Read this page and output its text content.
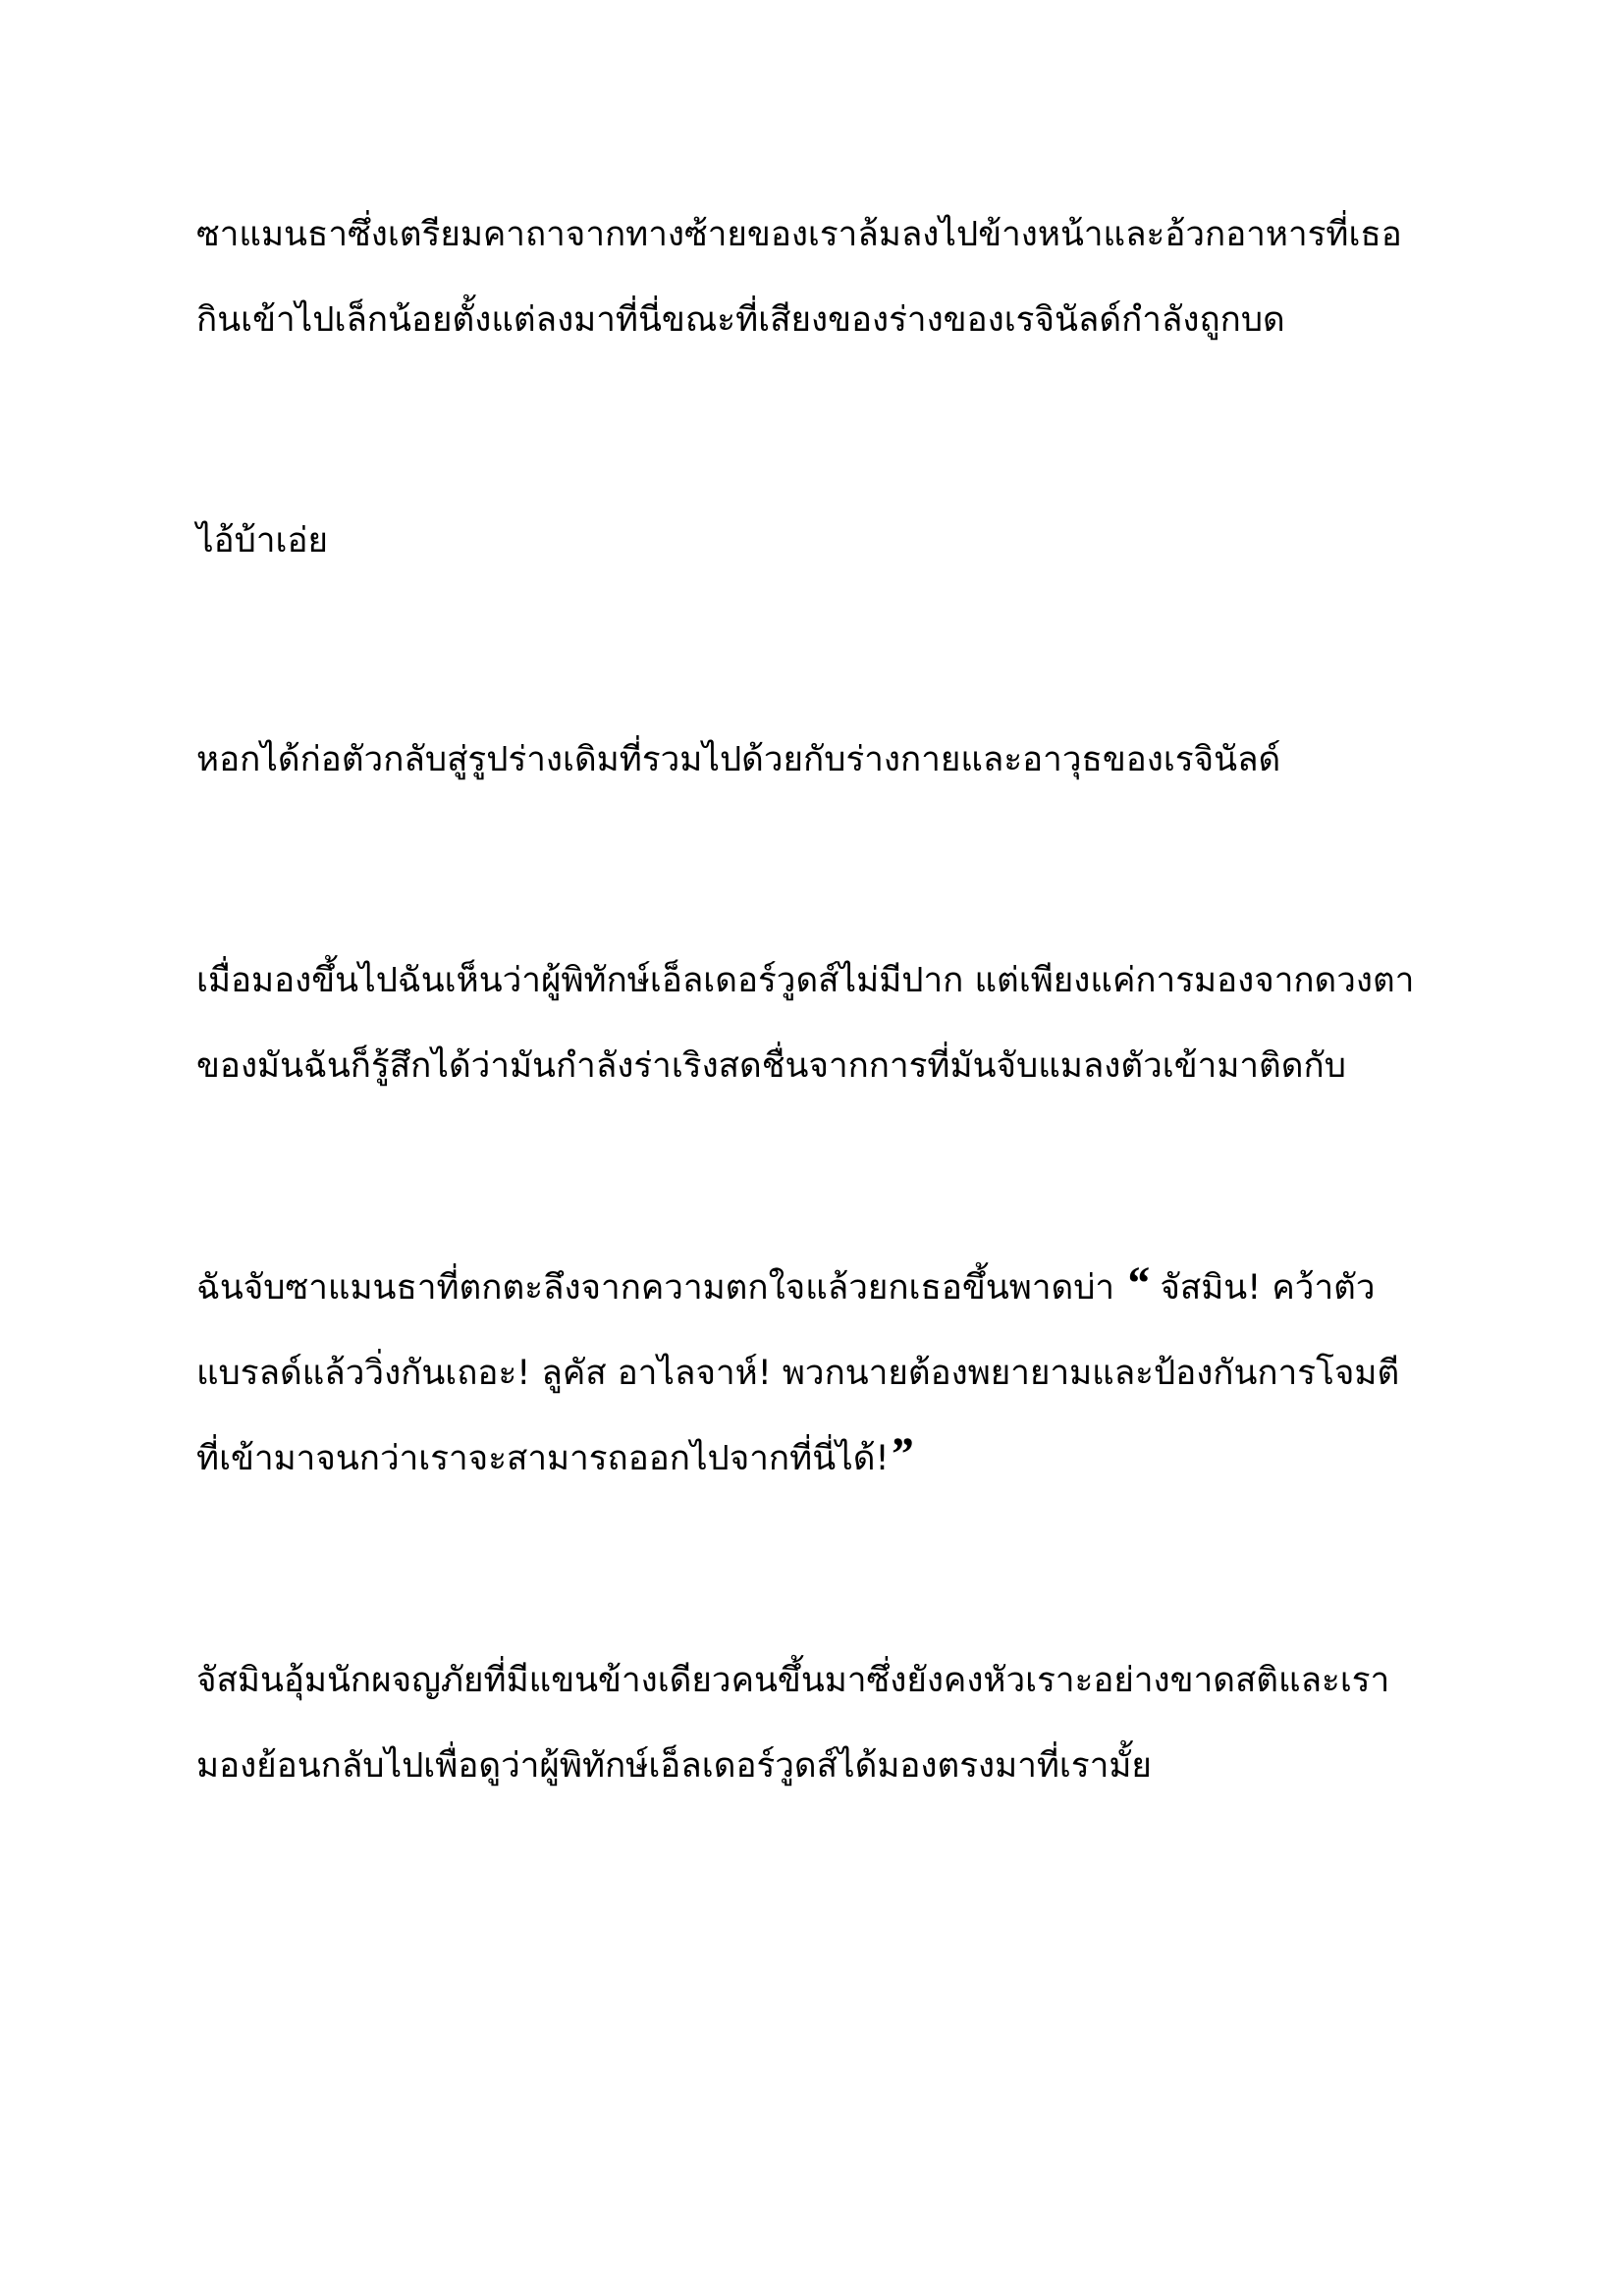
ซาแมนธาซึ่งเตรียมคาถาจากทางซ้ายของเราล้มลงไปข้างหน้าและอ้วกอาหารที่เธอ

กินเข้าไปเล็กน้อยตั้งแต่ลงมาที่นี่ขณะที่เสียงของร่างของเรจินัลด์กำลังถูกบด

ไอ้บ้าเอ่ย

หอกได้ก่อตัวกลับสู่รูปร่างเดิมที่รวมไปด้วยกับร่างกายและอาวุธของเรจินัลด์

เมื่อมองขึ้นไปฉันเห็นว่าผู้พิทักษ์เอ็ลเดอร์วูดส์ไม่มีปาก แต่เพียงแค่การมองจากดวงตา

ของมันฉันก็รู้สึกได้ว่ามันกำลังร่าเริงสดชื่นจากการที่มันจับแมลงตัวเข้ามาติดกับ

ฉันจับซาแมนธาที่ตกตะลึงจากความตกใจแล้วยกเธอขึ้นพาดบ่า “ จัสมิน! คว้าตัว

แบรลด์แล้ววิ่งกันเถอะ! ลูคัส อาไลจาห์! พวกนายต้องพยายามและป้องกันการโจมตี

ที่เข้ามาจนกว่าเราจะสามารถออกไปจากที่นี่ได้!”

จัสมินอุ้มนักผจญภัยที่มีแขนข้างเดียวคนขึ้นมาซึ่งยังคงหัวเราะอย่างขาดสติและเรา

มองย้อนกลับไปเพื่อดูว่าผู้พิทักษ์เอ็ลเดอร์วูดส์ได้มองตรงมาที่เรามั้ย
